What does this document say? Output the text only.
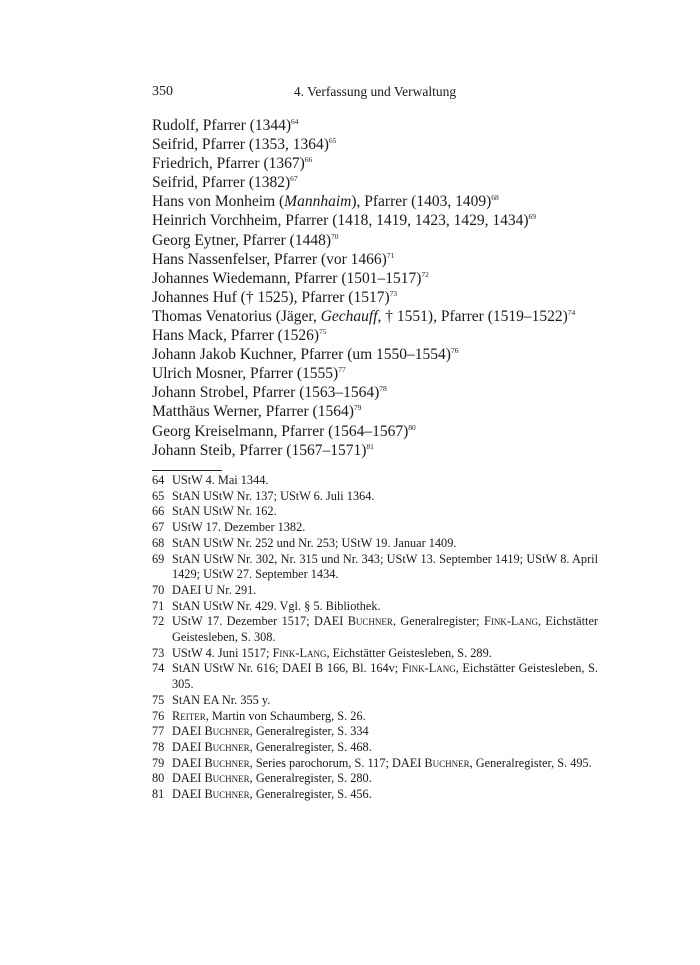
350	4. Verfassung und Verwaltung
Rudolf, Pfarrer $(1344)^{64}$
Seifrid, Pfarrer (1353, 1364)$^{65}$
Friedrich, Pfarrer $(1367)^{66}$
Seifrid, Pfarrer $(1382)^{67}$
Hans von Monheim (Mannhaim), Pfarrer (1403, 1409)$^{68}$
Heinrich Vorchheim, Pfarrer (1418, 1419, 1423, 1429, 1434)$^{69}$
Georg Eytner, Pfarrer $(1448)^{70}$
Hans Nassenfelser, Pfarrer (vor 1466)$^{71}$
Johannes Wiedemann, Pfarrer (1501–1517)$^{72}$
Johannes Huf († 1525), Pfarrer $(1517)^{73}$
Thomas Venatorius (Jäger, Gechauff, † 1551), Pfarrer (1519–1522)$^{74}$
Hans Mack, Pfarrer $(1526)^{75}$
Johann Jakob Kuchner, Pfarrer (um 1550–1554)$^{76}$
Ulrich Mosner, Pfarrer $(1555)^{77}$
Johann Strobel, Pfarrer (1563–1564)$^{78}$
Matthäus Werner, Pfarrer $(1564)^{79}$
Georg Kreiselmann, Pfarrer (1564–1567)$^{80}$
Johann Steib, Pfarrer (1567–1571)$^{81}$
64 UStW 4. Mai 1344.
65 StAN UStW Nr. 137; UStW 6. Juli 1364.
66 StAN UStW Nr. 162.
67 UStW 17. Dezember 1382.
68 StAN UStW Nr. 252 und Nr. 253; UStW 19. Januar 1409.
69 StAN UStW Nr. 302, Nr. 315 und Nr. 343; UStW 13. September 1419; UStW 8. April 1429; UStW 27. September 1434.
70 DAEI U Nr. 291.
71 StAN UStW Nr. 429. Vgl. § 5. Bibliothek.
72 UStW 17. Dezember 1517; DAEI Buchner, Generalregister; Fink-Lang, Eichstätter Geistesleben, S. 308.
73 UStW 4. Juni 1517; Fink-Lang, Eichstätter Geistesleben, S. 289.
74 StAN UStW Nr. 616; DAEI B 166, Bl. 164v; Fink-Lang, Eichstätter Geistesleben, S. 305.
75 StAN EA Nr. 355 y.
76 Reiter, Martin von Schaumberg, S. 26.
77 DAEI Buchner, Generalregister, S. 334
78 DAEI Buchner, Generalregister, S. 468.
79 DAEI Buchner, Series parochorum, S. 117; DAEI Buchner, Generalregister, S. 495.
80 DAEI Buchner, Generalregister, S. 280.
81 DAEI Buchner, Generalregister, S. 456.
